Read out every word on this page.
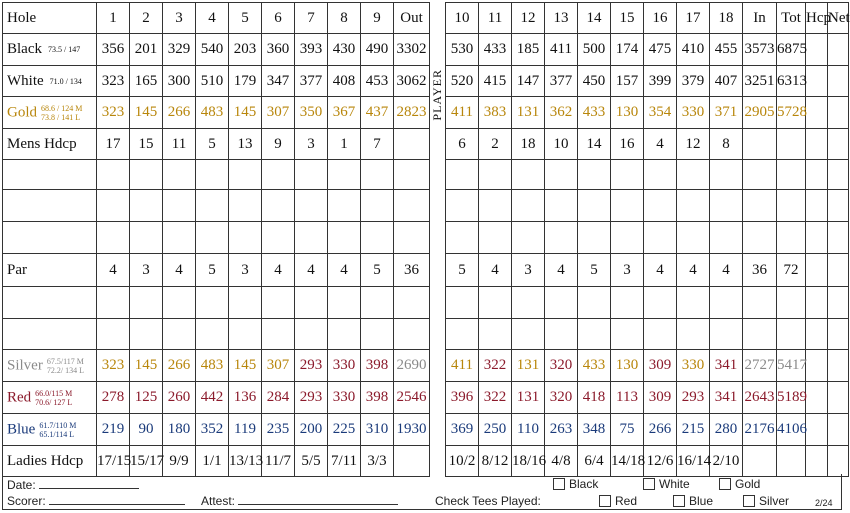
Hole	1	2	3	4	5	6	7	8	9	Out		10	11	12	13	14	15	16	17	18	In	Tot	Hcp	Net
Black 73.5 / 147	356	201	329	540	203	360	393	430	490	3302	PLAYER	530	433	185	411	500	174	475	410	455	3573	6875		
White 71.0 / 134	323	165	300	510	179	347	377	408	453	3062		520	415	147	377	450	157	399	379	407	3251	6313		
Gold 68.6 / 124 M
73.8 / 141 L	323	145	266	483	145	307	350	367	437	2823		411	383	131	362	433	130	354	330	371	2905	5728		
Mens Hdcp	17	15	11	5	13	9	3	1	7			6	2	18	10	14	16	4	12	8				

Par	4	3	4	5	3	4	4	4	5	36		5	4	3	4	5	3	4	4	4	36	72		

Silver 67.5/117 M
72.2/ 134 L	323	145	266	483	145	307	293	330	398	2690		411	322	131	320	433	130	309	330	341	2727	5417		
Red 66.0/115 M
70.6/ 127 L	278	125	260	442	136	284	293	330	398	2546		396	322	131	320	418	113	309	293	341	2643	5189		
Blue 61.7/110 M
65.1/114 L	219	90	180	352	119	235	200	225	310	1930		369	250	110	263	348	75	266	215	280	2176	4106		
Ladies Hdcp	17/15	15/17	9/9	1/1	13/13	11/7	5/5	7/11	3/3			10/2	8/12	18/16	4/8	6/4	14/18	12/6	16/14	2/10				
Date:
Scorer:	Attest:	Check Tees Played:
Black	White	Gold
Red	Blue	Silver	2/24
